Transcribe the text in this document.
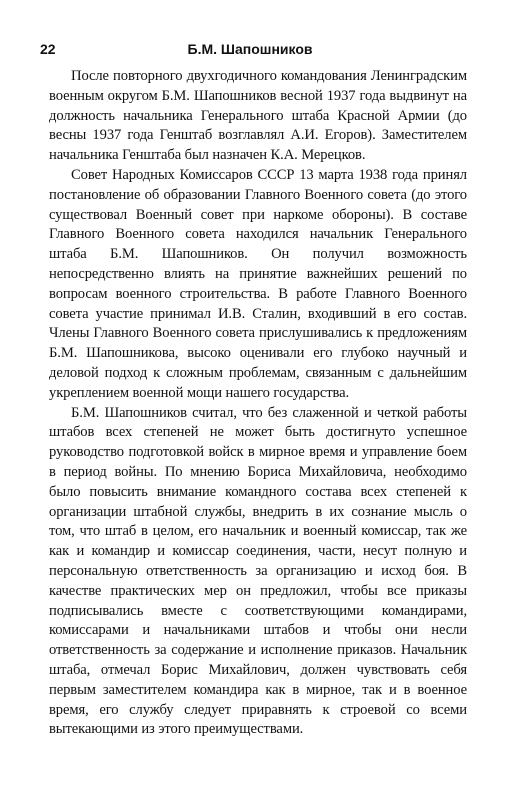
22	Б.М. Шапошников

После повторного двухгодичного командования Ленинградским военным округом Б.М. Шапошников весной 1937 года выдвинут на должность начальника Генерального штаба Красной Армии (до весны 1937 года Генштаб возглавлял А.И. Егоров). Заместителем начальника Генштаба был назначен К.А. Мерецков.

Совет Народных Комиссаров СССР 13 марта 1938 года принял постановление об образовании Главного Военного совета (до этого существовал Военный совет при наркоме обороны). В составе Главного Военного совета находился начальник Генерального штаба Б.М. Шапошников. Он получил возможность непосредственно влиять на принятие важнейших решений по вопросам военного строительства. В работе Главного Военного совета участие принимал И.В. Сталин, входивший в его состав. Члены Главного Военного совета прислушивались к предложениям Б.М. Шапошникова, высоко оценивали его глубоко научный и деловой подход к сложным проблемам, связанным с дальнейшим укреплением военной мощи нашего государства.

Б.М. Шапошников считал, что без слаженной и четкой работы штабов всех степеней не может быть достигнуто успешное руководство подготовкой войск в мирное время и управление боем в период войны. По мнению Бориса Михайловича, необходимо было повысить внимание командного состава всех степеней к организации штабной службы, внедрить в их сознание мысль о том, что штаб в целом, его начальник и военный комиссар, так же как и командир и комиссар соединения, части, несут полную и персональную ответственность за организацию и исход боя. В качестве практических мер он предложил, чтобы все приказы подписывались вместе с соответствующими командирами, комиссарами и начальниками штабов и чтобы они несли ответственность за содержание и исполнение приказов. Начальник штаба, отмечал Борис Михайлович, должен чувствовать себя первым заместителем командира как в мирное, так и в военное время, его службу следует приравнять к строевой со всеми вытекающими из этого преимуществами.
